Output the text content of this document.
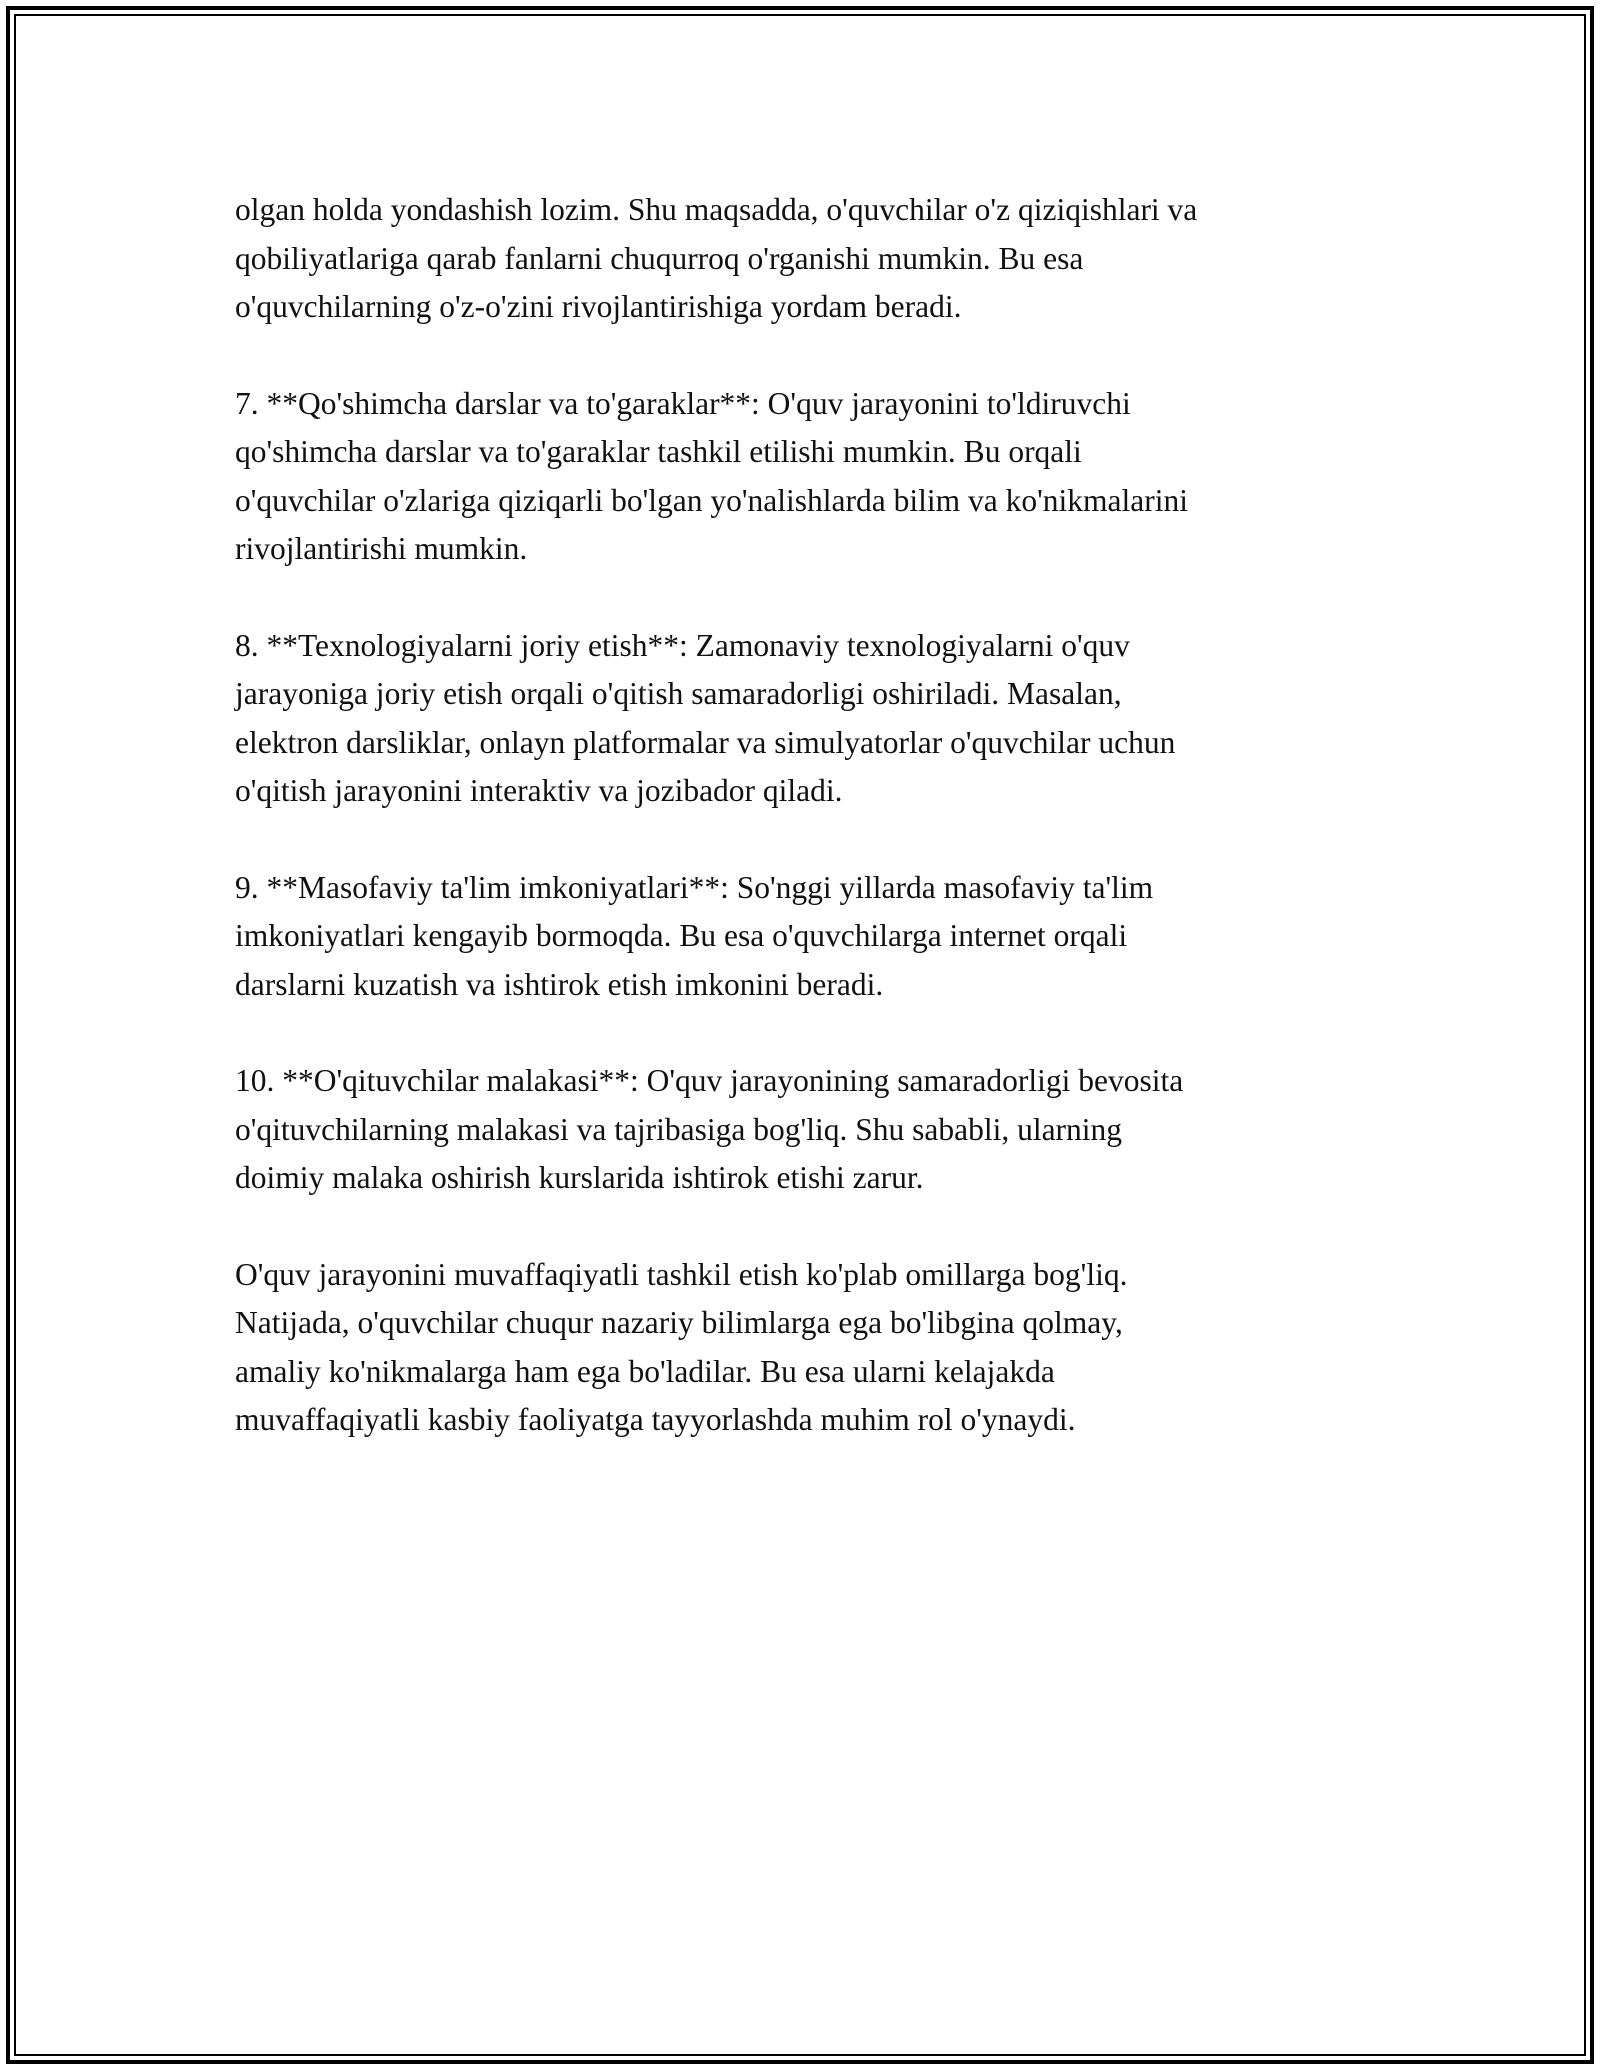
olgan holda yondashish lozim. Shu maqsadda, o'quvchilar o'z qiziqishlari va
qobiliyatlariga qarab fanlarni chuqurroq o'rganishi mumkin. Bu esa
o'quvchilarning o'z-o'zini rivojlantirishiga yordam beradi.

7. **Qo'shimcha darslar va to'garaklar**: O'quv jarayonini to'ldiruvchi
qo'shimcha darslar va to'garaklar tashkil etilishi mumkin. Bu orqali
o'quvchilar o'zlariga qiziqarli bo'lgan yo'nalishlarda bilim va ko'nikmalarini
rivojlantirishi mumkin.

8. **Texnologiyalarni joriy etish**: Zamonaviy texnologiyalarni o'quv
jarayoniga joriy etish orqali o'qitish samaradorligi oshiriladi. Masalan,
elektron darsliklar, onlayn platformalar va simulyatorlar o'quvchilar uchun
o'qitish jarayonini interaktiv va jozibador qiladi.

9. **Masofaviy ta'lim imkoniyatlari**: So'nggi yillarda masofaviy ta'lim
imkoniyatlari kengayib bormoqda. Bu esa o'quvchilarga internet orqali
darslarni kuzatish va ishtirok etish imkonini beradi.

10. **O'qituvchilar malakasi**: O'quv jarayonining samaradorligi bevosita
o'qituvchilarning malakasi va tajribasiga bog'liq. Shu sababli, ularning
doimiy malaka oshirish kurslarida ishtirok etishi zarur.

O'quv jarayonini muvaffaqiyatli tashkil etish ko'plab omillarga bog'liq.
Natijada, o'quvchilar chuqur nazariy bilimlarga ega bo'libgina qolmay,
amaliy ko'nikmalarga ham ega bo'ladilar. Bu esa ularni kelajakda
muvaffaqiyatli kasbiy faoliyatga tayyorlashda muhim rol o'ynaydi.
